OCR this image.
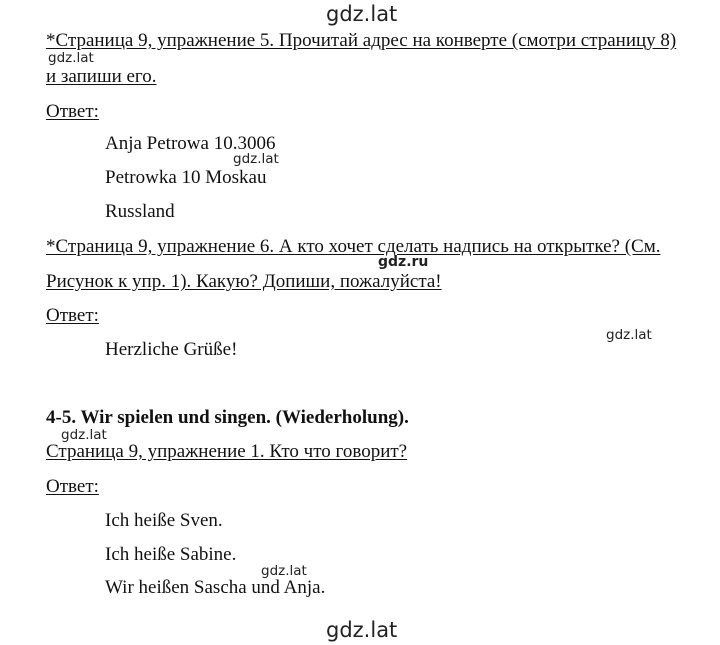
gdz.lat
gdz.lat
gdz.lat
gdz.ru
gdz.lat
gdz.lat
gdz.lat
gdz.lat
*Страница 9, упражнение 5. Прочитай адрес на конверте (смотри страницу 8)
и запиши его.
Ответ:
Anja Petrowa 10.3006
Petrowka 10 Moskau
Russland
*Страница 9, упражнение 6. А кто хочет сделать надпись на открытке? (См.
Рисунок к упр. 1). Какую? Допиши, пожалуйста!
Ответ:
Herzliche Grüße!
4-5. Wir spielen und singen. (Wiederholung).
Страница 9, упражнение 1. Кто что говорит?
Ответ:
Ich heiße Sven.
Ich heiße Sabine.
Wir heißen Sascha und Anja.
